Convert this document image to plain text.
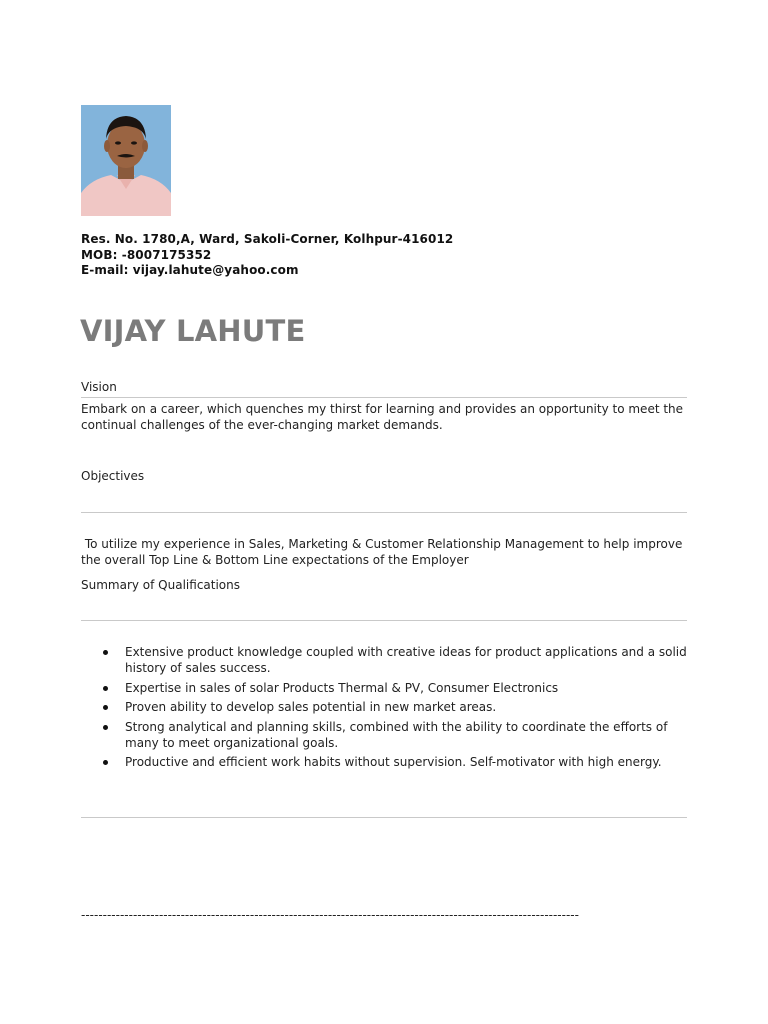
Res. No. 1780,A, Ward, Sakoli-Corner, Kolhpur-416012
MOB: -8007175352
E-mail: vijay.lahute@yahoo.com
VIJAY LAHUTE
Vision
Embark on a career, which quenches my thirst for learning and provides an opportunity to meet the continual challenges of the ever-changing market demands.
Objectives
To utilize my experience in Sales, Marketing & Customer Relationship Management to help improve the overall Top Line & Bottom Line expectations of the Employer
Summary of Qualifications
Extensive product knowledge coupled with creative ideas for product applications and a solid history of sales success.
Expertise in sales of solar Products Thermal & PV, Consumer Electronics
Proven ability to develop sales potential in new market areas.
Strong analytical and planning skills, combined with the ability to coordinate the efforts of many to meet organizational goals.
Productive and efficient work habits without supervision. Self-motivator with high energy.
-------------------------------------------------------------------------------------------------------------------
